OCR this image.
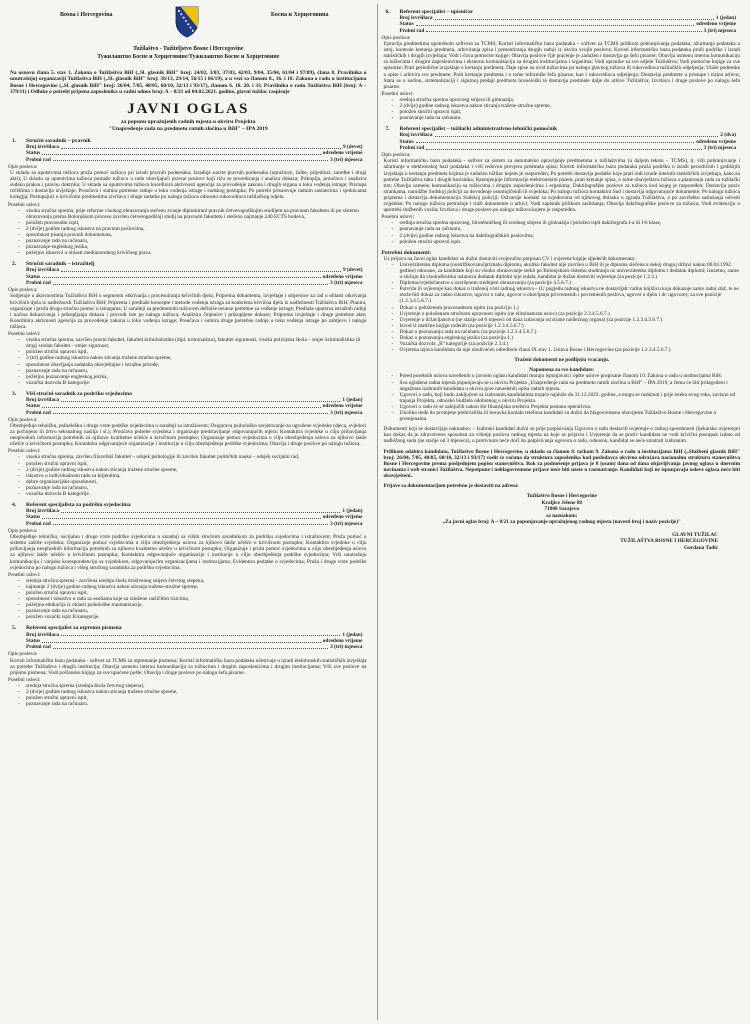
Bosna i Hercegovina	Босна и Херцеговина
Tužilaštvo - Tužiteljstvo Bosne i Hercegovine
Тужилаштво Босне и Херцеговине/Тужилаштво Босне и Херцеговине
Na osnovu člana 5. stav 1. Zakona o Tužilaštvu BiH („Sl. glasnik BiH" broj: 24/02, 3/03, 37/03, 42/03, 9/04, 35/04, 61/04 i 97/09), člana 8. Pravilnika o unutrašnjoj organizaciji Tužilaštva BiH („Sl. glasnik BiH" broj: 36/13, 29/14, 56/15 i 66/19), a u vezi sa članom 8., 16. i 18. Zakona o radu u institucijama Bosne i Hercegovine („Sl. glasnik BiH" broj: 26/04, 7/05, 48/05, 60/10, 32/13 i 93/17), članom 6. 18. 20. i 33. Pravilnika o radu Tužilaštva BiH (broj: A – 379/11) i Odluke o potrebi prijema zaposlenika u radni odnos broj: A – 8/21 od 04.02.2021. godine, glavni tužilac raspisuje
JAVNI OGLAS
za popunu upražnjenih radnih mjesta u okviru Projekta
"Unapređenje rada na predmetu ratnih zločina u BiH" – IPA 2019
1. Stručni saradnik – pravnik
Broj izvršilaca	9 (devet)
Status	određeno vrijeme
Probni rad	3 (tri) mjeseca
Opis poslova:
U skladu sa uputstvima tužioca pruža pomoć tužiocu pri izradi pravnih podnesaka; Izrađuje nacrte pravnih podnesaka (optužnice, žalbe, prijedlozi, zaredbe i drugi akti); U skladu sa uputstvima tužioca pomaže tužiocu u radu obavljajući pravne poslove koji tiču se prorediranja i analizu dokaza; Prikuplja, proučava i analizira sudsku praksu i pravnu doktrinu; U skladu sa uputstvima tužioca koordinira aktivnosti agencija za provođenje zakona i drugih organa u toku vođenja istrage; Pristupa ročištima i dostavlja izvještaje, Proučava i sumira potrebne radnje u toku vođenja istrage i sudskog postupka; Po potrebi prisustvuje radnim sastancima i sjednicama kolegija; Postupajući u krivičnim predmetima izvršava i druge zadatke po nalogu tužioca odnosno rukovodioca tužilačkog odjela.
Posebni uslovi:
- visoka stručna sprema, prije reforme visokog obrazovanja stečeno zvanje diplomirani pravnik četverogodišnjim studijem na pravnom fakultetu ili po sistemu obrazovanja prema Bolonjskom procesu završen četverogodišnji studij na pravnom fakultetu i stečeno najmanje 240 ECTS bodova,
- položen pravosudni ispit,
- 2 (dvije) godine radnog iskustva na pravnim poslovima,
- sposobnost pisanja pravnih dokumenata,
- poznavanje rada na računaru,
- poznavanje engleskog jezika,
- poželjno iskustvo u oblasti međunarodnog krivičnog prava.
2. Stručni saradnik – istražitelj
Broj izvršilaca	9 (devet)
Status	određeno vrijeme
Probni rad	3 (tri) mjeseca
Opis poslova:
Sudjeluje u aktivnostima Tužilaštva BiH u segmentu otkrivanja i procesuiranja krivičnih djela; Priprema dokumenta, izvještaje i smjernice za rad u oblasti otkrivanja krivičnih djela iz nadležnosti Tužilaštva BiH; Priprema i predlaže koncepte i metode vođenja istraga za konkretna krivična djela iz nadležnosti Tužilaštva BiH; Planira, organizuje i pruža drugu stručnu pomoć u istragama; U saradnji sa predmetnim tužiocem definiše resurse potrebne za vođenje istrage; Predlaže uputstva istražnih radnji i načina dokazivanja i prikupljanja dokaza i provodi iste po nalogu tužioca; Analizira činjenice i prikupljene dokaze; Priprema izvještaje i druge potrebne akte; Koordinira aktivnosti agencija za provođenje zakona u toku vođenja istrage; Proučava i sumira druge potrebne radnje u toku vođenja istrage po zahtjevu i nalogu tužioca.
Posebni uslovi:
- visoka stručna sprema, završen pravni fakultet, fakultet kriminalistike (dipl. kriminalista), fakultet sigurnosti, visoka policijska škola – smjer kriminalistika ili drugi srodan fakultet – smjer sigurnost,
- položen stručni upravni ispit,
- 3 (tri) godine radnog iskustva nakon sticanja tražene stručne spreme,
- sposobnost obavljanja zadataka obavještajne i istražne prirode,
- poznavanje rada na računaru,
- poželjno poznavanje engleskog jezika,
- vozačka dozvola B kategorije.
3. Viši stručni saradnik za podršku svjedocima
Broj izvršilaca	1 (jedan)
Status	određeno vrijeme
Probni rad	3 (tri) mjeseca
Opis poslova:
Obezbjeđuje tehničku, psihološku i druge vrste podrške svjedocima u saradnji sa istražiocem; Osigurava psihološko savjetovanje za ugrožene svjedoke (djeca, svjedoci za počinjeno ili žrtvu seksualnog nasilja i sl.); Proučava potrebe svjedoka i organizuje predstavljanje odgovarajućih mjera; Kontaktira svjedoke u cilju pribavljanja neophodnih informacija potrebnih za njihovo kvalitetno učešće u krivičnom postupku; Organizuje pomoć svjedocima u cilju obezbjeđenja uslova za njihovo lakše učešće u krivičnom postupku; Kontaktira odgovarajuće organizacije i institucije u cilju obezbjeđenja podrške svjedocima; Obavlja i druge poslove po nalogu tužioca.
Posebni uslovi:
- visoka stručna sprema, završen filozofski fakultet – odsjek psihologije ili završen fakultet političkih nauka – odsjek socijalni rad,
- položen stručni upravni ispit,
- 2 (dvije) godine radnog iskustva nakon sticanja tražene stručne spreme,
- iskustvo u individualnom radu sa klijentima,
- dobre organizacijske sposobnosti,
- poznavanje rada na računaru,
- vozačka dozvola B kategorije.
4. Referent specijalista za podršku svjedocima
Broj izvršilaca	1 (jedan)
Status	određeno vrijeme
Probni rad	3 (tri) mjeseca
Opis poslova:
Obezbjeđuje tehničku, socijalnu i druge vrste podrške svjedocima u saradnji sa višim stručnim saradnikom za podršku svjedocima i istražiocem; Pruža pomoć u sistemu zaštite svjedoka; Organizuje pomoć svjedocima u cilju obezbjeđenja uslova za njihovo lakše učešće u krivičnom postupku; Kontaktira svjedoke u cilju pribavljanja neophodnih informacija potrebnih za njihovo kvalitetno učešće u krivičnom postupku; Organizuje i pruža pomoć svjedocima u cilju obezbjeđenja uslova za njihovo lakše učešće u krivičnom postupku; Kontaktira odgovarajuće organizacije i institucije u cilju obezbjeđenja podrške svjedocima; Vrši unutrašnju komunikaciju i vanjsku korespondenciju sa svjedokom, odgovarajućim organizacijama i institucijama; Evidentira podatke o svjedocima; Pruža i druge vrste podrške svjedocima po nalogu tužioca i višeg stručnog saradnika za podršku svjedocima.
Posebni uslovi:
- srednja stručna sprema - završena srednja škola društvenog smjera četvrtog stepena,
- najmanje 2 (dvije) godine radnog iskustva nakon sticanja tražene stručne spreme,
- položen stručni upravni ispit,
- sposobnost i iskustvo u radu sa osobama koje su izložene različitim rizicima,
- poželjna edukacija iz oblasti psihološke traumatizacije,
- poznavanje rada na računaru,
- položen vozački ispit B kategorije.
5. Referent specijalist za otpremu pismena
Broj izvršilaca	1 (jedan)
Status	određeno vrijeme
Probni rad	3 (tri) mjeseca
Opis poslova:
Koristi informatičku bazu podataka - softver za TCMS za otpremanje pismena; Koristi informatičku bazu podataka učestvuje u izradi elektronskih statističkih izvještaja za potrebe Tužilaštva i drugih institucija; Obavlja usmenu internu komunikaciju sa tužiocima i drugim zaposlenicima i drugim institucijama; Vrši sve poslove na prijemu pismena; Vodi poštansku knjigu za sve upućene pošte; Obavlja i druge poslove po nalogu šefa pisarne.
Posebni uslovi:
- srednja stručna sprema (srednja škola četvrtog stepena),
- 2 (dvije) godine radnog iskustva nakon sticanja tražene stručne spreme,
- položen stručni upravni ispit,
- poznavanje rada na računaru.
6. Referent specijalist – upisničar
Broj izvršilaca	1 (jedan)
Status	određeno vrijeme
Probni rad	3 (tri) mjeseca
Opis poslova:
Upravlja predmetima upotrebom softvera za TCMS; Koristi informatičku bazu podataka – softver za TCMS prilikom pohranjivanja podataka, ažuriranja podataka u istoj, kontrole kretanja predmeta, arhiviranja spisa i prezentiranja drugih radnji iz okvira svojih poslova; Koristi informatičku bazu podataka pruži podrške i izradi statističkih i drugih izvještaja; Vodi i čuva pomoćne knjige; Obavlja poslove čije praćenje je zadužen i dostavlja ga šefu pisarne; Obavlja usmenu internu komunikaciju sa tužiocima i drugim zaposlenicima i eksternu komunikaciju sa drugim institucijama i organima; Vodi upisnike za sve odjele Tužilaštva; Vodi pomoćne knjige za sve upisnike; Prati periodične izvještaje o kretanju predmeta; Daje spise na uvid tužiocima po nalogu glavnog tužioca ili rukovodioca tužilačkih odjeljenja; Ulaže podneske u spise i arhivira sve predmete; Prati kretanje predmeta i o tome informiše šefa pisarne, kao i rukovodioca odjeljenja; Dostavlja predmete u pristupe i trajnu arhivu; Stara se o načinu, sistematizaciji i sigurnoj predaji predmeta hronološki te dostavlja predmete dalje do arhive Tužilaštva; Izvršava i druge poslove po nalogu šefa pisarne.
Posebni uslovi:
- srednja stručna sprema upravnog smjera ili gimnazija,
- 2 (dvije) godine radnog iskustva nakon sticanja tražene stručne spreme,
- položen stručni upravni ispit,
- poznavanje rada na računaru.
7. Referent specijalist – tužilački administrativno-tehnički pomoćnik
Broj izvršilaca	2 (dva)
Status	određeno vrijeme
Probni rad	3 (tri) mjeseca
Opis poslova:
Koristi informatičku bazu podataka - softver za sistem za automatsko upravljanje predmetima u tužilaštvima (u daljem tekstu – TCMS), tj. vrši pohranjivanje i ažuriranje u elektronskoj bazi podataka i vrši redovnu provjeru predmeta spisa; Koristi informatičku bazu podataka pruža podršku u izradi periodičnih i godišnjih izvještaja o kretanju predmeta kojima je zadužen tužilac kojem je raspoređen; Po potrebi dostavlja podatke koje prati radi izrade internih statističkih izvještaja, kako za potrebe Tužilaštva tako i drugih korisnika; Razmjenjuje informacije elektronskim putem, prati kretanje spisa, o tome obavještava tužioca u planiranju rada za tužilački tim; Obavlja usmenu komunikaciju sa tužiocima i drugim zaposlenicima i organima; Daktilografske poslove za tužioca kod kojeg je raspoređen; Dostavlja poziv strankama, narudžbe Sudskoj policiji za dovođenje osumnjičenih ili svjedoka; Po nalogu tužioca kontaktira Sud i dostavlja odgovarajuće dokumente; Po nalogu tužioca priprema i dostavlja dokumentaciju Sudskoj policiji; Ostvaruje kontakt sa svjedocima od njihovog dolaska u zgradu Tužilaštva, a po završetku saslušanja odvodi svjedoke; Po nalogu tužioca pretražuje i traži dokumente u arhivi; Vodi zapisnik prilikom saslušanja; Obavlja daktilografske poslove za tužioca; Vodi evidenciju o upotrebi službenih vozila; Izvršava i druge poslove po nalogu tužioca kojem je raspoređen.
Posebni uslovi:
- srednja stručna sprema upravnog, birotehničkog ili srodnog smjera ili gimnazija i položen ispit daktilografa I-a ili I-b klase,
- poznavanje rada na računaru,
- 2 (dvije) godine radnog iskustva na daktilografskim poslovima,
- položen stručni upravni ispit.
Potrebni dokumenti:
Uz prijavu na Javni oglas kandidati su dužni dostaviti svojeručno potpisan CV i ovjerene kopije sljedećih dokumenata:
- Univerzitetska diploma (nostrifikovanu/priznatu diplomu, ukoliko fakultet nije završen u BiH ili je diploma stečena u nekoj drugoj državi nakon 06.04.1992. godine) odnosno, za kandidate koji su visoko obrazovanje stekli po Bolonjskom sistemu studiranja uz univerzitetsku diplomu i dodatak diplomi; izuzetno, samo u slučaju da visokoškolska ustanova dodatak diplomi nije izdala, kandidat je dužan dostaviti uvjerenje (za pozicije 1.2.3.)
- Diploma/svjedočanstvo o završenom srednjem obrazovanju (za pozicije 4.5.6.7.)
- Potvrdu ili uvjerenje kao dokaz o traženoj vrsti radnog iskustva – (U pogledu radnog iskustva ne dostavljati: radnu knjižicu koja dokazuje samo radni staž, te ne može biti dokaz za radno iskustvo, ugovor o radu, ugovor o obavljanju privremenih i povremenih poslova, ugovor o djelu i dr. ugovore); za sve pozicije (1.2.3.4.5.6.7.)
- Dokaz o položenom pravosudnom ispitu (za poziciju 1.)
- Uvjerenje o položenom stručnom upravnom ispitu (ne eliminatoran uslov) (za pozicije 2.3.4.5.6.7.)
- Uvjerenje o državljanstvu (ne starije od 6 mjeseci od dana izdavanja od strane nadležnog organa) (za pozicije 1.2.3.4.5.6.7.)
- Izvod iz matične knjige rođenih (za pozicije 1.2.3.4.5.6.7.)
- Dokaz o poznavanju rada na računaru (za pozicije 1.2.3.4.5.6.7.)
- Dokaz o poznavanju engleskog jezika (za poziciju 1.)
- Vozačka dozvola „B" kategorije (za pozicije 2.3.4.)
- Ovjerena izjava kandidata da nije obuhvaćen odredbom člana IX stav 1. Ustava Bosne i Hercegovine (za pozicije 1.2.3.4.5.6.7.)
Traženi dokumenti ne podliježu vraćanju.
Napomena za sve kandidate:
- Pored posebnih uslova navedenih u javnom oglasu kandidati moraju ispunjavati i opšte uslove propisane članom 10. Zakona o radu u institucijama BiH.
- Sva oglašena radna mjesta popunjavaju se u okviru Projekta „Unapređenje rada na predmetu ratnih zločina u BiH" – IPA 2019, a čemu će biti prilagođeni i angažman izabranih kandidata u okviru gore navedenih opisa radnih mjesta.
- Ugovori o radu, koji budu zaključeni sa izabranim kandidatima trajaće najduže do 31.12.2022. godine, a mogu se raskinuti i prije isteka ovog roka, zavisno od trajanja Projekta, odnosno budžeta odobrenog u okviru Projekta.
- Ugovori o radu će se zaključiti nakon što finansijska sredstva Projekta postanu operativna.
- Ukoliko dođe do promjene prebivališta ili boravka kontakt telefona kandidati su dužni da blagovremeno obavijeste Tužilaštvo Bosne i Hercegovine o promjenama.
Dokumenti koji se dostavljaju naknadno: – Izabrani kandidati dužni su prije potpisivanja Ugovora o radu dostaviti uvjerenje o radnoj sposobnosti (ljekarsko uvjerenje) kao dokaz da je zdravstveno sposoban za vršenje poslova radnog mjesta na koje se prijavio i Uvjerenje da se protiv kandidata ne vodi krivični postupak izdato od nadležnog suda (ne starije od 3 mjeseca), u protivnom neće doći do potpisivanja ugovora o radu, odnosno, kandidat se neće smatrati izabranim.
Prilikom odabira kandidata, Tužilaštvo Bosne i Hercegovine, u skladu sa članom 8. tačkom 9. Zakona o radu u institucijama BiH („Službeni glasnik BiH" broj: 26/04, 7/05, 48/05, 60/10, 32/13 i 93/17) vodit će računa da struktura zaposlenika kod poslodavca okvirno odražava nacionalnu strukturu stanovništva Bosne i Hercegovine prema posljednjem popisu stanovništva. Rok za podnošenje prijava je 8 (osam) dana od dana objavljivanja javnog oglasa u dnevnim novinama i web stranici Tužilaštva. Nepotpune i neblagovremene prijave neće biti uzete u razmatranje. Kandidati koji ne ispunjavaju uslove oglasa neće biti obaviješteni.
Prijave sa dokumentacijom potrebno je dostaviti na adresu:
Tužilaštvo Bosne i Hercegovine
Kraljice Jelene 88
71000 Sarajevo
sa naznakom:
„Za javni oglas broj: A – 8/21 za popunjavanje upražnjenog radnog mjesta (navesti broj i naziv pozicije)"
GLAVNI TUŽILAC
TUŽILAŠTVA BOSNE I HERCEGOVINE
Gordana Tadić
